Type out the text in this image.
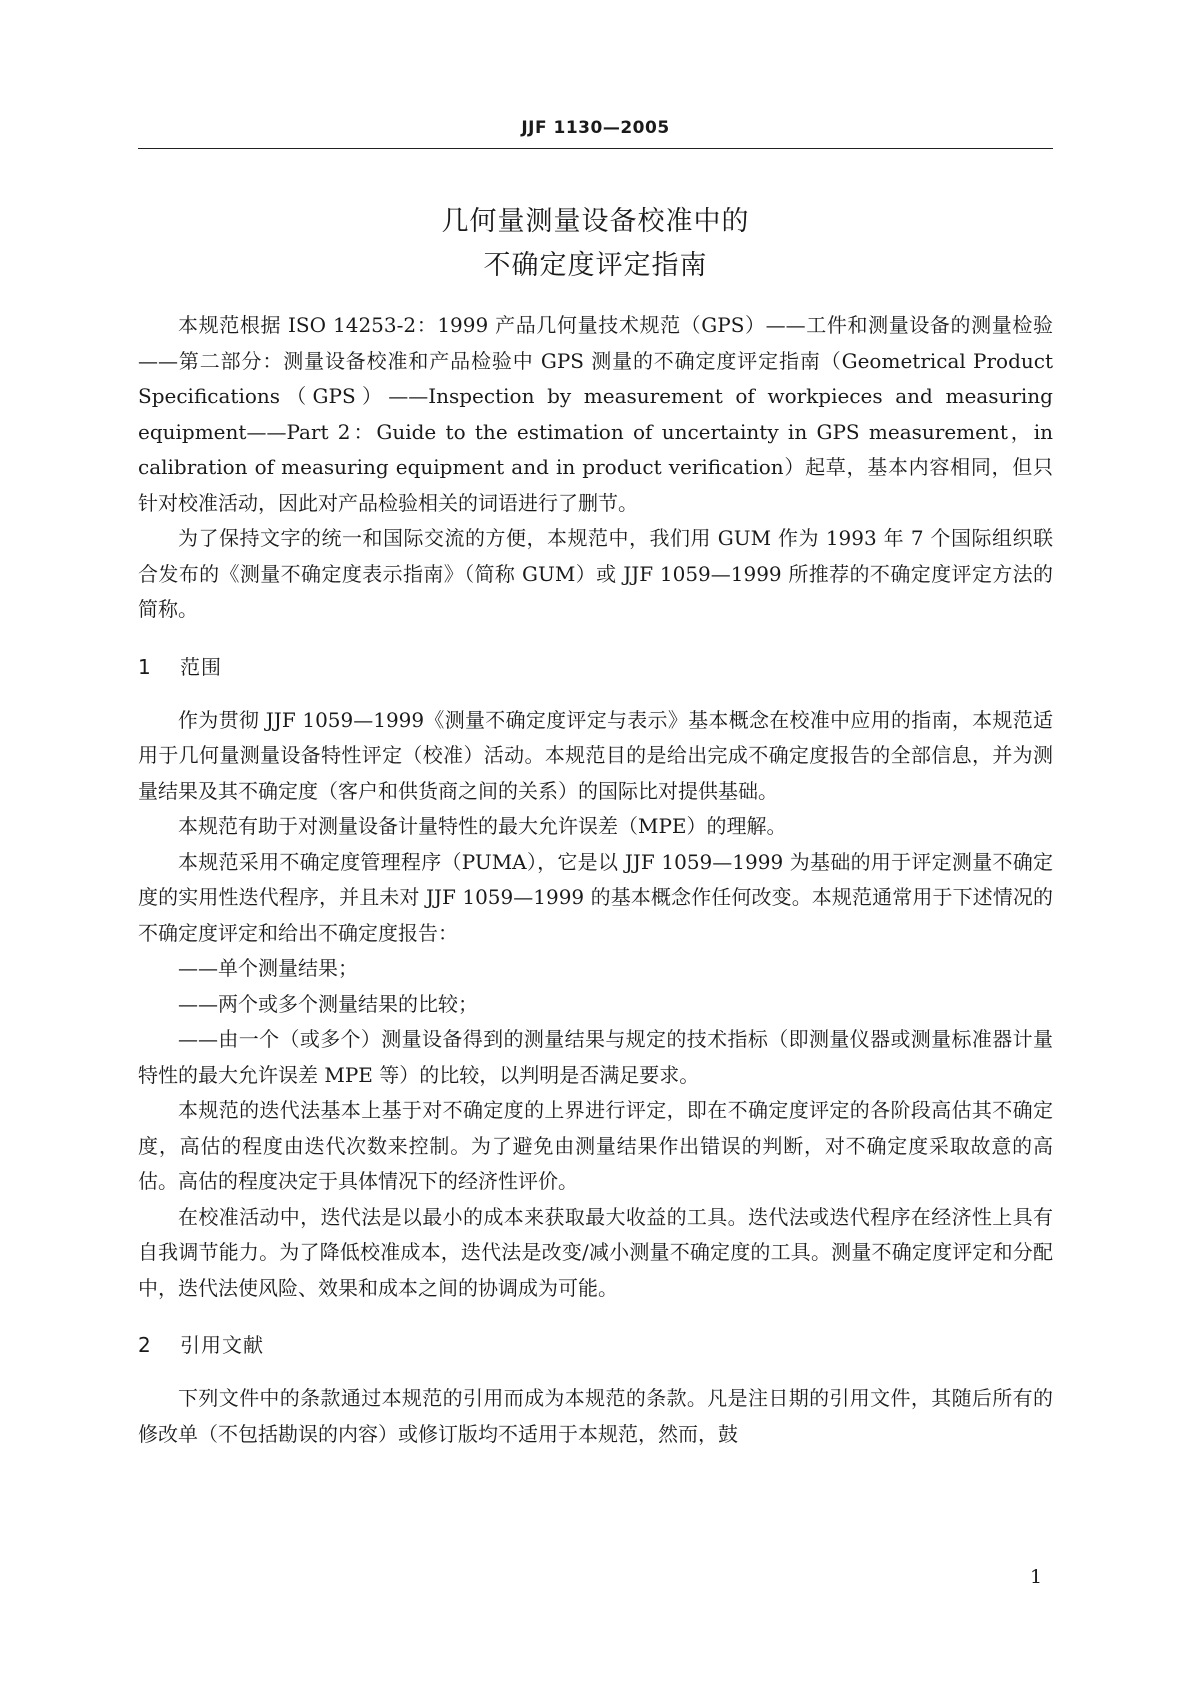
JJF 1130—2005
几何量测量设备校准中的
不确定度评定指南

本规范根据 ISO 14253-2：1999 产品几何量技术规范（GPS）——工件和测量设备的测量检验——第二部分：测量设备校准和产品检验中 GPS 测量的不确定度评定指南（Geometrical Product Specifications（GPS）——Inspection by measurement of workpieces and measuring equipment——Part 2：Guide to the estimation of uncertainty in GPS measurement，in calibration of measuring equipment and in product verification）起草，基本内容相同，但只针对校准活动，因此对产品检验相关的词语进行了删节。

为了保持文字的统一和国际交流的方便，本规范中，我们用 GUM 作为 1993 年 7 个国际组织联合发布的《测量不确定度表示指南》（简称 GUM）或 JJF 1059—1999 所推荐的不确定度评定方法的简称。

1 范围

作为贯彻 JJF 1059—1999《测量不确定度评定与表示》基本概念在校准中应用的指南，本规范适用于几何量测量设备特性评定（校准）活动。本规范目的是给出完成不确定度报告的全部信息，并为测量结果及其不确定度（客户和供货商之间的关系）的国际比对提供基础。

本规范有助于对测量设备计量特性的最大允许误差（MPE）的理解。

本规范采用不确定度管理程序（PUMA），它是以 JJF 1059—1999 为基础的用于评定测量不确定度的实用性迭代程序，并且未对 JJF 1059—1999 的基本概念作任何改变。本规范通常用于下述情况的不确定度评定和给出不确定度报告：

——单个测量结果；

——两个或多个测量结果的比较；

——由一个（或多个）测量设备得到的测量结果与规定的技术指标（即测量仪器或测量标准器计量特性的最大允许误差 MPE 等）的比较，以判明是否满足要求。

本规范的迭代法基本上基于对不确定度的上界进行评定，即在不确定度评定的各阶段高估其不确定度，高估的程度由迭代次数来控制。为了避免由测量结果作出错误的判断，对不确定度采取故意的高估。高估的程度决定于具体情况下的经济性评价。

在校准活动中，迭代法是以最小的成本来获取最大收益的工具。迭代法或迭代程序在经济性上具有自我调节能力。为了降低校准成本，迭代法是改变/减小测量不确定度的工具。测量不确定度评定和分配中，迭代法使风险、效果和成本之间的协调成为可能。

2 引用文献

下列文件中的条款通过本规范的引用而成为本规范的条款。凡是注日期的引用文件，其随后所有的修改单（不包括勘误的内容）或修订版均不适用于本规范，然而，鼓

1
